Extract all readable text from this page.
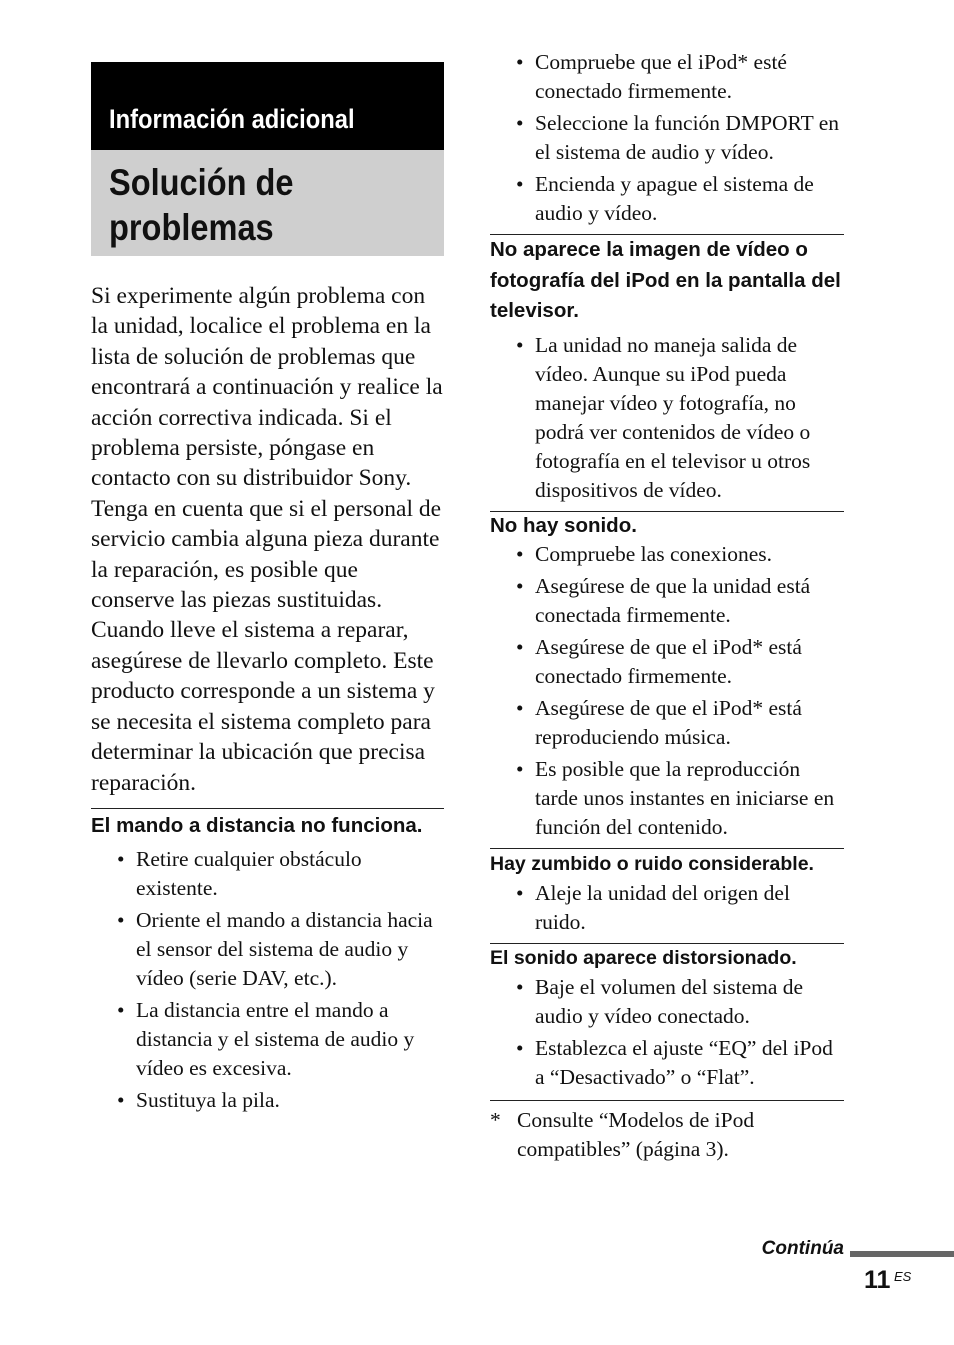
Información adicional
Solución de
problemas

Si experimente algún problema con la unidad, localice el problema en la lista de solución de problemas que encontrará a continuación y realice la acción correctiva indicada. Si el problema persiste, póngase en contacto con su distribuidor Sony.

Tenga en cuenta que si el personal de servicio cambia alguna pieza durante la reparación, es posible que conserve las piezas sustituidas.

Cuando lleve el sistema a reparar, asegúrese de llevarlo completo. Este producto corresponde a un sistema y se necesita el sistema completo para determinar la ubicación que precisa reparación.

El mando a distancia no funciona.
• Retire cualquier obstáculo existente.
• Oriente el mando a distancia hacia el sensor del sistema de audio y vídeo (serie DAV, etc.).
• La distancia entre el mando a distancia y el sistema de audio y vídeo es excesiva.
• Sustituya la pila.
• Compruebe que el iPod* esté conectado firmemente.
• Seleccione la función DMPORT en el sistema de audio y vídeo.
• Encienda y apague el sistema de audio y vídeo.
No aparece la imagen de vídeo o fotografía del iPod en la pantalla del televisor.
• La unidad no maneja salida de vídeo. Aunque su iPod pueda manejar vídeo y fotografía, no podrá ver contenidos de vídeo o fotografía en el televisor u otros dispositivos de vídeo.
No hay sonido.
• Compruebe las conexiones.
• Asegúrese de que la unidad está conectada firmemente.
• Asegúrese de que el iPod* está conectado firmemente.
• Asegúrese de que el iPod* está reproduciendo música.
• Es posible que la reproducción tarde unos instantes en iniciarse en función del contenido.
Hay zumbido o ruido considerable.
• Aleje la unidad del origen del ruido.
El sonido aparece distorsionado.
• Baje el volumen del sistema de audio y vídeo conectado.
• Establezca el ajuste “EQ” del iPod a “Desactivado” o “Flat”.
* Consulte “Modelos de iPod compatibles” (página 3).
Continúa
11 ES
